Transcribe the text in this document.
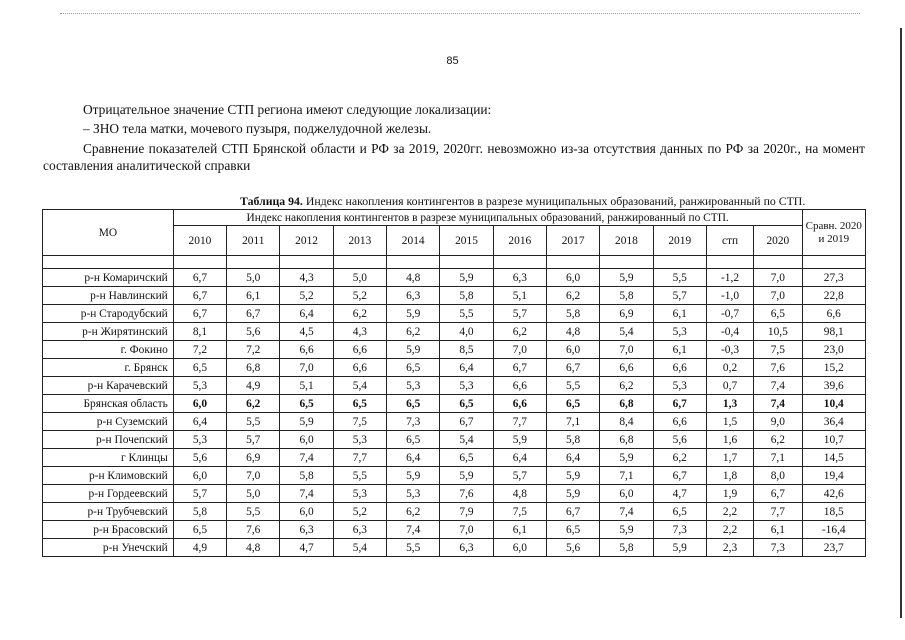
85
Отрицательное значение СТП региона имеют следующие локализации:
– ЗНО тела матки, мочевого пузыря, поджелудочной железы.
Сравнение показателей СТП Брянской области и РФ за 2019, 2020гг. невозможно из-за отсутствия данных по РФ за 2020г., на момент составления аналитической справки
Таблица 94. Индекс накопления контингентов в разрезе муниципальных образований, ранжированный по СТП.
МО	Индекс накопления контингентов в разрезе муниципальных образований, ранжированный по СТП.												Сравн. 2020 и 2019
	2010	2011	2012	2013	2014	2015	2016	2017	2018	2019	стп	2020	

р-н Комаричский	6,7	5,0	4,3	5,0	4,8	5,9	6,3	6,0	5,9	5,5	-1,2	7,0	27,3
р-н Навлинский	6,7	6,1	5,2	5,2	6,3	5,8	5,1	6,2	5,8	5,7	-1,0	7,0	22,8
р-н Стародубский	6,7	6,7	6,4	6,2	5,9	5,5	5,7	5,8	6,9	6,1	-0,7	6,5	6,6
р-н Жирятинский	8,1	5,6	4,5	4,3	6,2	4,0	6,2	4,8	5,4	5,3	-0,4	10,5	98,1
г. Фокино	7,2	7,2	6,6	6,6	5,9	8,5	7,0	6,0	7,0	6,1	-0,3	7,5	23,0
г. Брянск	6,5	6,8	7,0	6,6	6,5	6,4	6,7	6,7	6,6	6,6	0,2	7,6	15,2
р-н Карачевский	5,3	4,9	5,1	5,4	5,3	5,3	6,6	5,5	6,2	5,3	0,7	7,4	39,6
Брянская область	6,0	6,2	6,5	6,5	6,5	6,5	6,6	6,5	6,8	6,7	1,3	7,4	10,4
р-н Суземский	6,4	5,5	5,9	7,5	7,3	6,7	7,7	7,1	8,4	6,6	1,5	9,0	36,4
р-н Почепский	5,3	5,7	6,0	5,3	6,5	5,4	5,9	5,8	6,8	5,6	1,6	6,2	10,7
г Клинцы	5,6	6,9	7,4	7,7	6,4	6,5	6,4	6,4	5,9	6,2	1,7	7,1	14,5
р-н Климовский	6,0	7,0	5,8	5,5	5,9	5,9	5,7	5,9	7,1	6,7	1,8	8,0	19,4
р-н Гордеевский	5,7	5,0	7,4	5,3	5,3	7,6	4,8	5,9	6,0	4,7	1,9	6,7	42,6
р-н Трубчевский	5,8	5,5	6,0	5,2	6,2	7,9	7,5	6,7	7,4	6,5	2,2	7,7	18,5
р-н Брасовский	6,5	7,6	6,3	6,3	7,4	7,0	6,1	6,5	5,9	7,3	2,2	6,1	-16,4
р-н Унечский	4,9	4,8	4,7	5,4	5,5	6,3	6,0	5,6	5,8	5,9	2,3	7,3	23,7
